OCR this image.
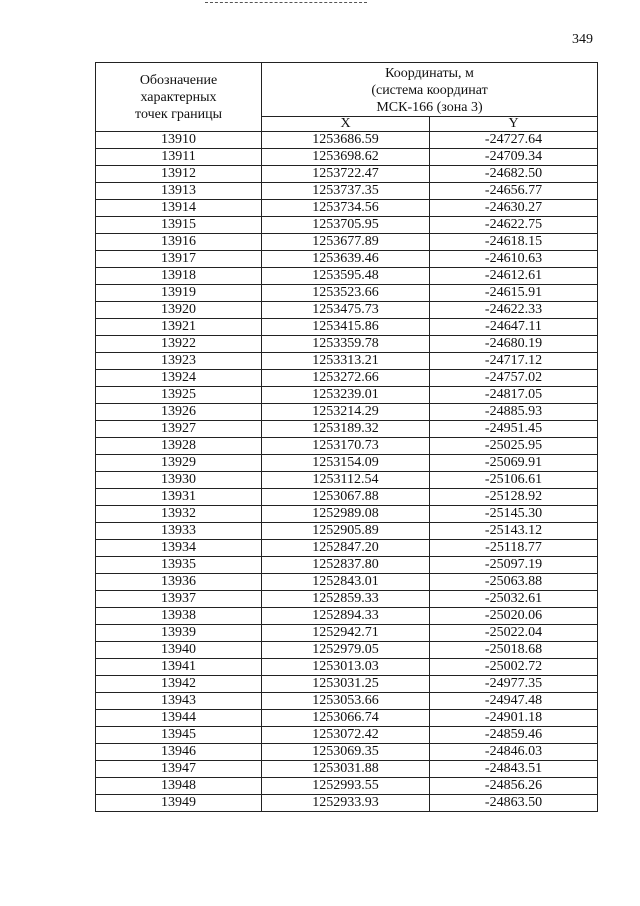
349
Обозначение
характерных
точек границы	Координаты, м
(система координат
МСК-166 (зона 3)	

	X	Y
13910	1253686.59	-24727.64
13911	1253698.62	-24709.34
13912	1253722.47	-24682.50
13913	1253737.35	-24656.77
13914	1253734.56	-24630.27
13915	1253705.95	-24622.75
13916	1253677.89	-24618.15
13917	1253639.46	-24610.63
13918	1253595.48	-24612.61
13919	1253523.66	-24615.91
13920	1253475.73	-24622.33
13921	1253415.86	-24647.11
13922	1253359.78	-24680.19
13923	1253313.21	-24717.12
13924	1253272.66	-24757.02
13925	1253239.01	-24817.05
13926	1253214.29	-24885.93
13927	1253189.32	-24951.45
13928	1253170.73	-25025.95
13929	1253154.09	-25069.91
13930	1253112.54	-25106.61
13931	1253067.88	-25128.92
13932	1252989.08	-25145.30
13933	1252905.89	-25143.12
13934	1252847.20	-25118.77
13935	1252837.80	-25097.19
13936	1252843.01	-25063.88
13937	1252859.33	-25032.61
13938	1252894.33	-25020.06
13939	1252942.71	-25022.04
13940	1252979.05	-25018.68
13941	1253013.03	-25002.72
13942	1253031.25	-24977.35
13943	1253053.66	-24947.48
13944	1253066.74	-24901.18
13945	1253072.42	-24859.46
13946	1253069.35	-24846.03
13947	1253031.88	-24843.51
13948	1252993.55	-24856.26
13949	1252933.93	-24863.50
